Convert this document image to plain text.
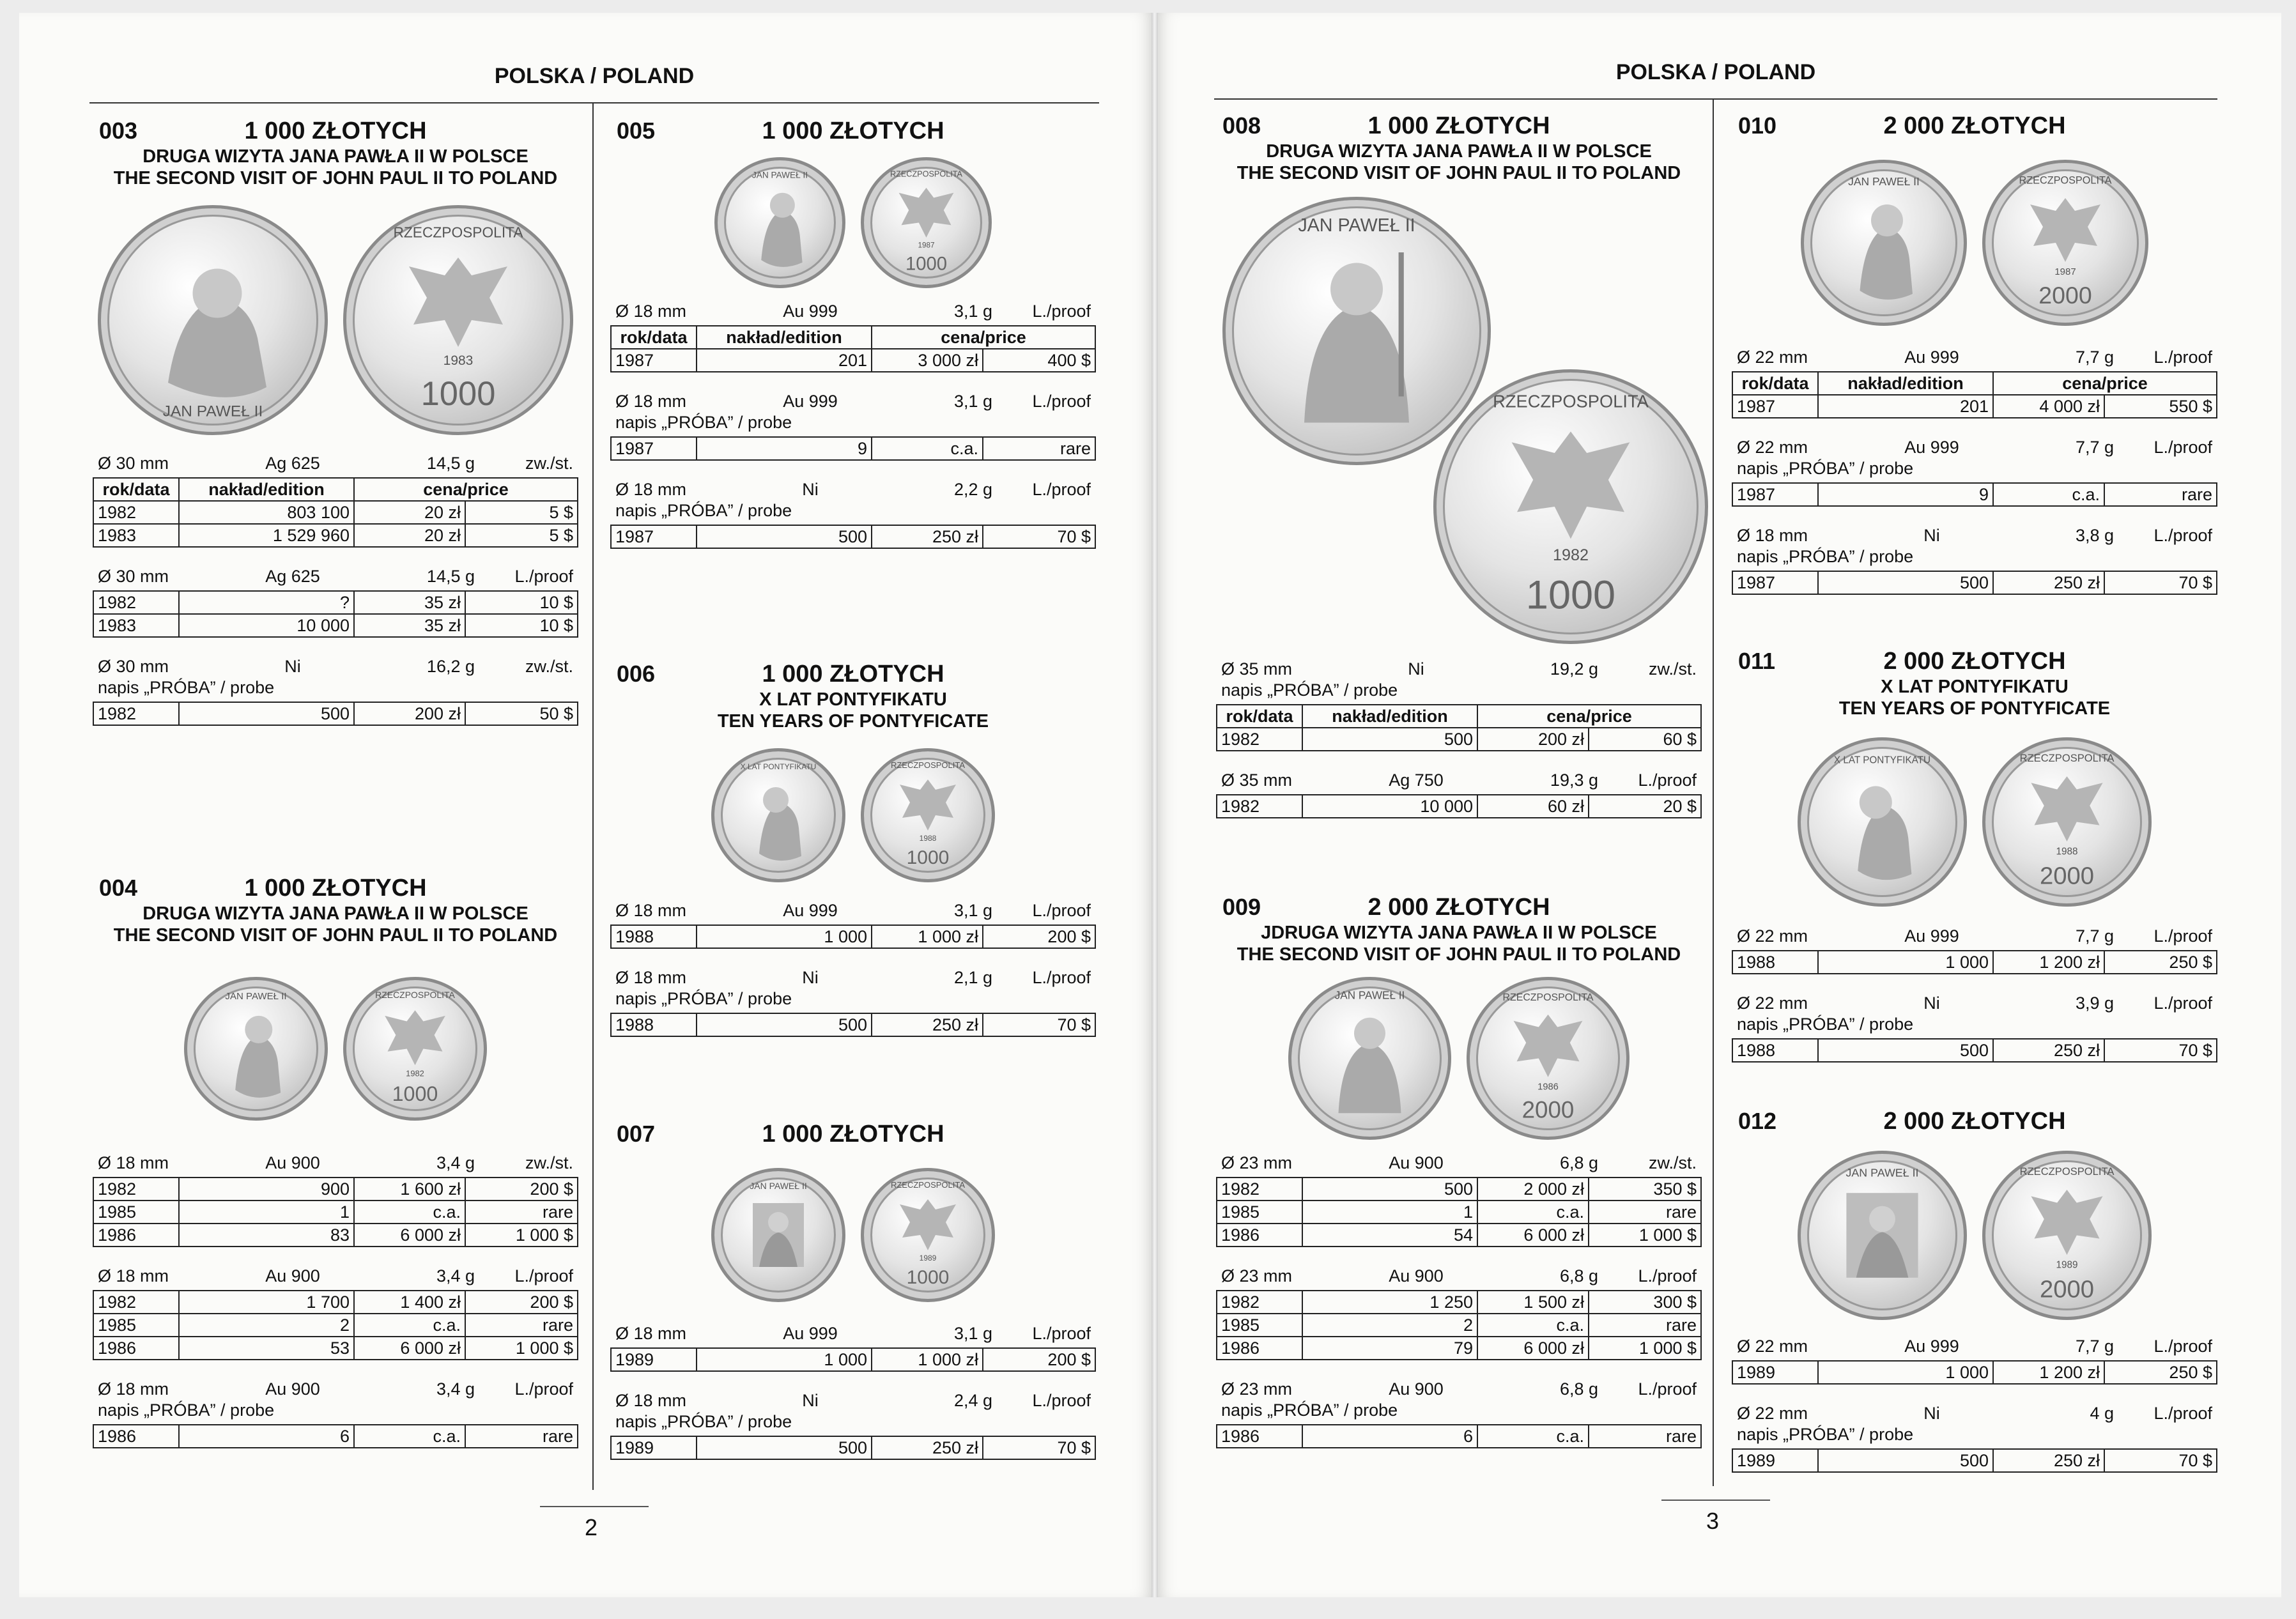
POLSKA / POLAND	POLSKA / POLAND
003	1 000 ZŁOTYCH
DRUGA WIZYTA JANA PAWŁA II W POLSCE
THE SECOND VISIT OF JOHN PAUL II TO POLAND
JAN PAWEŁ II
RZECZPOSPOLITA
1983
1000
Ø 30 mm	Ag 625	14,5 g	zw./st.
rok/data	nakład/edition	cena/price	
1982	803 100	20 zł	5 $
1983	1 529 960	20 zł	5 $
Ø 30 mm	Ag 625	14,5 g	L./proof
1982	?	35 zł	10 $
1983	10 000	35 zł	10 $
Ø 30 mm	Ni	16,2 g	zw./st.
napis „PRÓBA” / probe
1982	500	200 zł	50 $
004	1 000 ZŁOTYCH
DRUGA WIZYTA JANA PAWŁA II W POLSCE
THE SECOND VISIT OF JOHN PAUL II TO POLAND
JAN PAWEŁ II	RZECZPOSPOLITA
1982
1000
Ø 18 mm	Au 900	3,4 g	zw./st.
1982	900	1 600 zł	200 $
1985	1	c.a.	rare
1986	83	6 000 zł	1 000 $
Ø 18 mm	Au 900	3,4 g	L./proof
1982	1 700	1 400 zł	200 $
1985	2	c.a.	rare
1986	53	6 000 zł	1 000 $
Ø 18 mm	Au 900	3,4 g	L./proof
napis „PRÓBA” / probe
1986	6	c.a.	rare
005	1 000 ZŁOTYCH
JAN PAWEŁ II	RZECZPOSPOLITA
1987
1000
Ø 18 mm	Au 999	3,1 g	L./proof
rok/data	nakład/edition	cena/price	
1987	201	3 000 zł	400 $
Ø 18 mm	Au 999	3,1 g	L./proof
napis „PRÓBA” / probe
1987	9	c.a.	rare
Ø 18 mm	Ni	2,2 g	L./proof
napis „PRÓBA” / probe
1987	500	250 zł	70 $
006	1 000 ZŁOTYCH
X LAT PONTYFIKATU
TEN YEARS OF PONTYFICATE
X LAT PONTYFIKATU	RZECZPOSPOLITA
1988
1000
Ø 18 mm	Au 999	3,1 g	L./proof
1988	1 000	1 000 zł	200 $
Ø 18 mm	Ni	2,1 g	L./proof
napis „PRÓBA” / probe
1988	500	250 zł	70 $
007	1 000 ZŁOTYCH
JAN PAWEŁ II	RZECZPOSPOLITA
1989
1000
Ø 18 mm	Au 999	3,1 g	L./proof
1989	1 000	1 000 zł	200 $
Ø 18 mm	Ni	2,4 g	L./proof
napis „PRÓBA” / probe
1989	500	250 zł	70 $
008	1 000 ZŁOTYCH
DRUGA WIZYTA JANA PAWŁA II W POLSCE
THE SECOND VISIT OF JOHN PAUL II TO POLAND
JAN PAWEŁ II
RZECZPOSPOLITA
1982
1000
Ø 35 mm	Ni	19,2 g	zw./st.
napis „PRÓBA” / probe
rok/data	nakład/edition	cena/price	
1982	500	200 zł	60 $
Ø 35 mm	Ag 750	19,3 g	L./proof
1982	10 000	60 zł	20 $
009	2 000 ZŁOTYCH
JDRUGA WIZYTA JANA PAWŁA II W POLSCE
THE SECOND VISIT OF JOHN PAUL II TO POLAND
JAN PAWEŁ II	RZECZPOSPOLITA
1986
2000
Ø 23 mm	Au 900	6,8 g	zw./st.
1982	500	2 000 zł	350 $
1985	1	c.a.	rare
1986	54	6 000 zł	1 000 $
Ø 23 mm	Au 900	6,8 g	L./proof
1982	1 250	1 500 zł	300 $
1985	2	c.a.	rare
1986	79	6 000 zł	1 000 $
Ø 23 mm	Au 900	6,8 g	L./proof
napis „PRÓBA” / probe
1986	6	c.a.	rare
010	2 000 ZŁOTYCH
JAN PAWEŁ II	RZECZPOSPOLITA
1987
2000
Ø 22 mm	Au 999	7,7 g	L./proof
rok/data	nakład/edition	cena/price	
1987	201	4 000 zł	550 $
Ø 22 mm	Au 999	7,7 g	L./proof
napis „PRÓBA” / probe
1987	9	c.a.	rare
Ø 18 mm	Ni	3,8 g	L./proof
napis „PRÓBA” / probe
1987	500	250 zł	70 $
011	2 000 ZŁOTYCH
X LAT PONTYFIKATU
TEN YEARS OF PONTYFICATE
X LAT PONTYFIKATU	RZECZPOSPOLITA
1988
2000
Ø 22 mm	Au 999	7,7 g	L./proof
1988	1 000	1 200 zł	250 $
Ø 22 mm	Ni	3,9 g	L./proof
napis „PRÓBA” / probe
1988	500	250 zł	70 $
012	2 000 ZŁOTYCH
JAN PAWEŁ II	RZECZPOSPOLITA
1989
2000
Ø 22 mm	Au 999	7,7 g	L./proof
1989	1 000	1 200 zł	250 $
Ø 22 mm	Ni	4 g	L./proof
napis „PRÓBA” / probe
1989	500	250 zł	70 $
2	3
